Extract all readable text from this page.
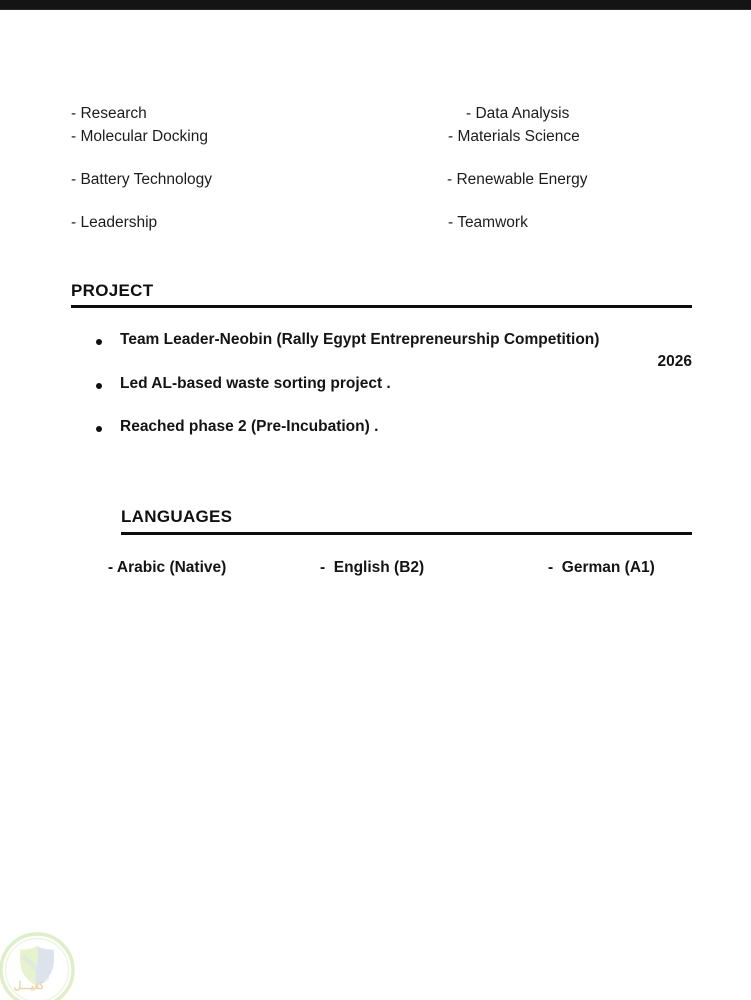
- Research
- Molecular Docking
- Battery Technology
- Leadership
- Data Analysis
- Materials Science
- Renewable Energy
- Teamwork
PROJECT
Team Leader-Neobin (Rally Egypt Entrepreneurship Competition)
2026
Led AL-based waste sorting project .
Reached phase 2 (Pre-Incubation) .
LANGUAGES
- Arabic (Native)	-  English (B2)	-  German (A1)
كفيـــل
